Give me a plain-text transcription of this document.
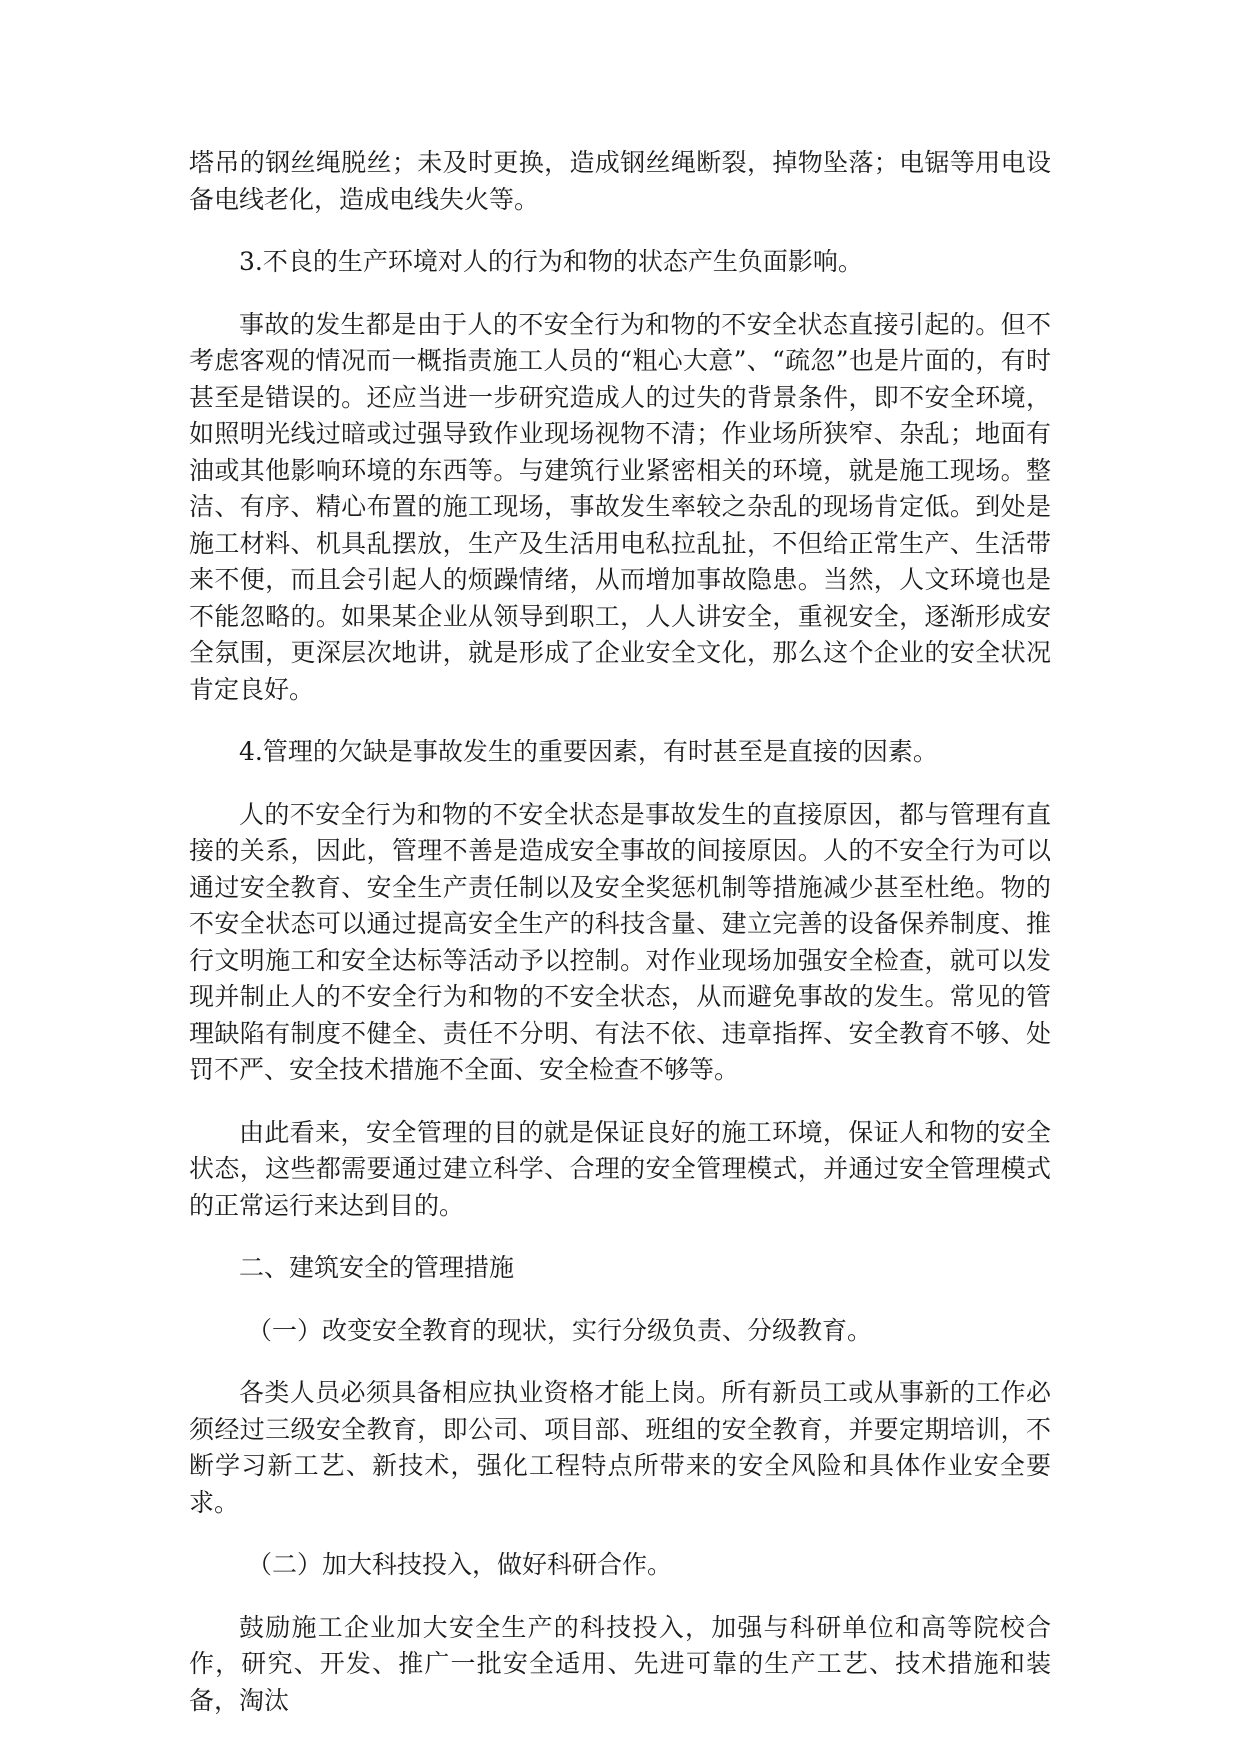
塔吊的钢丝绳脱丝；未及时更换，造成钢丝绳断裂，掉物坠落；电锯等用电设备电线老化，造成电线失火等。

3.不良的生产环境对人的行为和物的状态产生负面影响。

事故的发生都是由于人的不安全行为和物的不安全状态直接引起的。但不考虑客观的情况而一概指责施工人员的“粗心大意”、“疏忽”也是片面的，有时甚至是错误的。还应当进一步研究造成人的过失的背景条件，即不安全环境，如照明光线过暗或过强导致作业现场视物不清；作业场所狭窄、杂乱；地面有油或其他影响环境的东西等。与建筑行业紧密相关的环境，就是施工现场。整洁、有序、精心布置的施工现场，事故发生率较之杂乱的现场肯定低。到处是施工材料、机具乱摆放，生产及生活用电私拉乱扯，不但给正常生产、生活带来不便，而且会引起人的烦躁情绪，从而增加事故隐患。当然，人文环境也是不能忽略的。如果某企业从领导到职工，人人讲安全，重视安全，逐渐形成安全氛围，更深层次地讲，就是形成了企业安全文化，那么这个企业的安全状况肯定良好。

4.管理的欠缺是事故发生的重要因素，有时甚至是直接的因素。

人的不安全行为和物的不安全状态是事故发生的直接原因，都与管理有直接的关系，因此，管理不善是造成安全事故的间接原因。人的不安全行为可以通过安全教育、安全生产责任制以及安全奖惩机制等措施减少甚至杜绝。物的不安全状态可以通过提高安全生产的科技含量、建立完善的设备保养制度、推行文明施工和安全达标等活动予以控制。对作业现场加强安全检查，就可以发现并制止人的不安全行为和物的不安全状态，从而避免事故的发生。常见的管理缺陷有制度不健全、责任不分明、有法不依、违章指挥、安全教育不够、处罚不严、安全技术措施不全面、安全检查不够等。

由此看来，安全管理的目的就是保证良好的施工环境，保证人和物的安全状态，这些都需要通过建立科学、合理的安全管理模式，并通过安全管理模式的正常运行来达到目的。

二、建筑安全的管理措施

（一）改变安全教育的现状，实行分级负责、分级教育。

各类人员必须具备相应执业资格才能上岗。所有新员工或从事新的工作必须经过三级安全教育，即公司、项目部、班组的安全教育，并要定期培训，不断学习新工艺、新技术，强化工程特点所带来的安全风险和具体作业安全要求。

（二）加大科技投入，做好科研合作。

鼓励施工企业加大安全生产的科技投入，加强与科研单位和高等院校合作，研究、开发、推广一批安全适用、先进可靠的生产工艺、技术措施和装备，淘汰
